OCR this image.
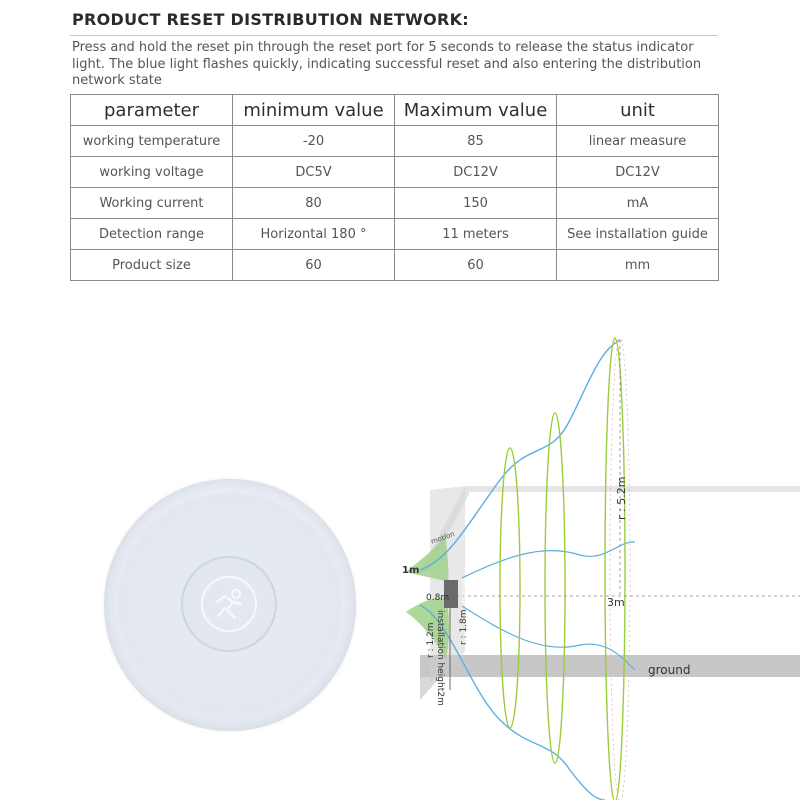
PRODUCT RESET DISTRIBUTION NETWORK:
Press and hold the reset pin through the reset port for 5 seconds to release the status indicator light. The blue light flashes quickly, indicating successful reset and also entering the distribution network state
parameter	minimum value	Maximum value	unit
working temperature	-20	85	linear measure
working voltage	DC5V	DC12V	DC12V
Working current	80	150	mA
Detection range	Horizontal 180 °	11 meters	See installation guide
Product size	60	60	mm
r : 5.2m
3m
ground
1m
0.8m
r : 1.2m	r : 1.8m
sensor
installation height2m
motion
